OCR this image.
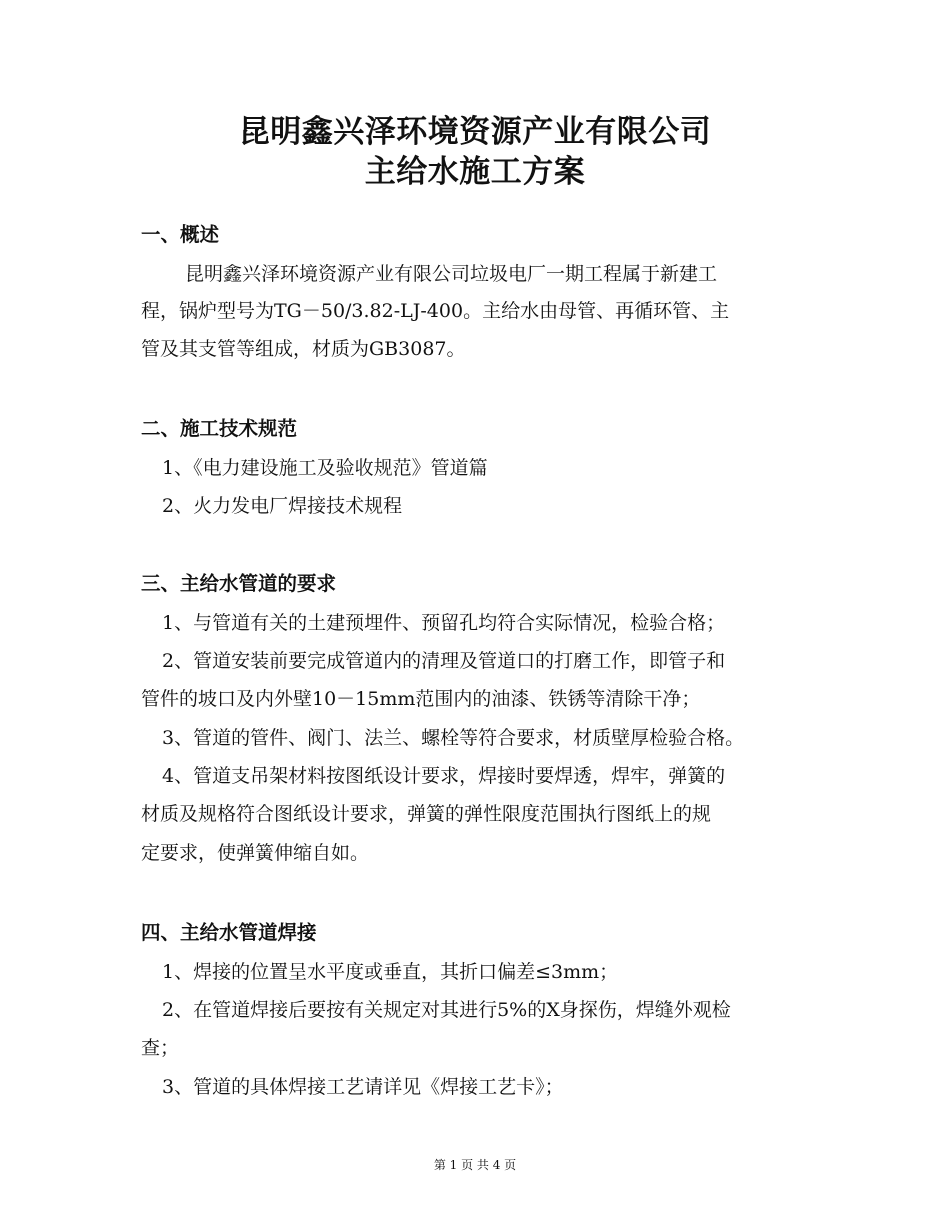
昆明鑫兴泽环境资源产业有限公司
主给水施工方案
一、概述
昆明鑫兴泽环境资源产业有限公司垃圾电厂一期工程属于新建工
程，锅炉型号为TG－50/3.82-LJ-400。主给水由母管、再循环管、主
管及其支管等组成，材质为GB3087。
二、施工技术规范
1、《电力建设施工及验收规范》管道篇
2、火力发电厂焊接技术规程
三、主给水管道的要求
1、与管道有关的土建预埋件、预留孔均符合实际情况，检验合格；
2、管道安装前要完成管道内的清理及管道口的打磨工作，即管子和
管件的坡口及内外壁10－15mm范围内的油漆、铁锈等清除干净；
3、管道的管件、阀门、法兰、螺栓等符合要求，材质壁厚检验合格。
4、管道支吊架材料按图纸设计要求，焊接时要焊透，焊牢，弹簧的
材质及规格符合图纸设计要求，弹簧的弹性限度范围执行图纸上的规
定要求，使弹簧伸缩自如。
四、主给水管道焊接
1、焊接的位置呈水平度或垂直，其折口偏差≤3mm；
2、在管道焊接后要按有关规定对其进行5%的X身探伤，焊缝外观检
查；
3、管道的具体焊接工艺请详见《焊接工艺卡》；
第 1 页 共 4 页
